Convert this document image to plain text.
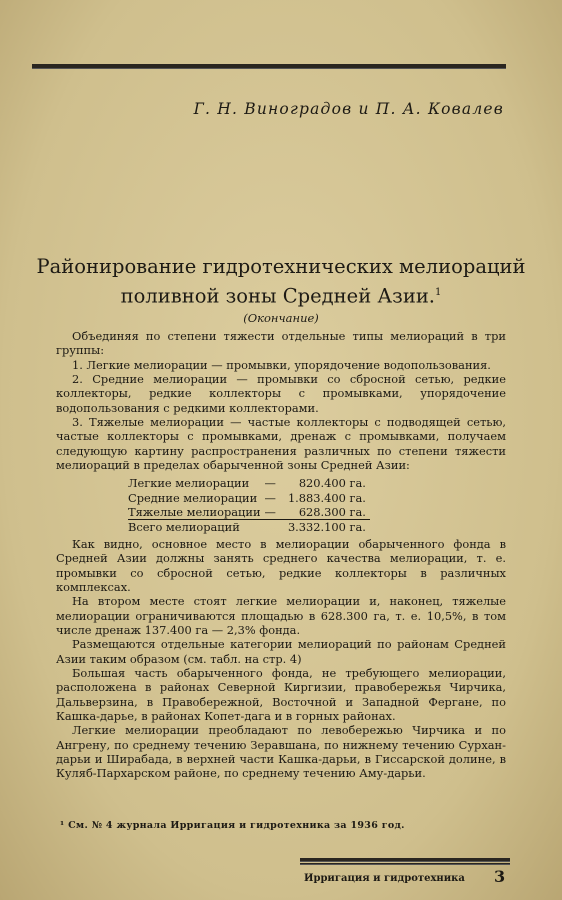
Г. Н. Виноградов и П. А. Ковалев
Районирование гидротехнических мелиораций поливной зоны Средней Азии.$^1$
(Окончание)

Объединяя по степени тяжести отдельные типы мелиораций в три группы:

1. Легкие мелиорации — промывки, упорядочение водопользования.

2. Средние мелиорации — промывки со сбросной сетью, редкие коллекторы, редкие коллекторы с промывками, упорядочение водопользования с редкими коллекторами.

3. Тяжелые мелиорации — частые коллекторы с подводящей сетью, частые коллекторы с промывками, дренаж с промывками, получаем следующую картину распространения различных по степени тяжести мелиораций в пределах обарыченной зоны Средней Азии:

Легкие мелиорации	—	820.400 га.
Средние мелиорации	—	1.883.400 га.
Тяжелые мелиорации	—	628.300 га.
Всего мелиораций		3.332.100 га.

Как видно, основное место в мелиорации обарыченного фонда в Средней Азии должны занять среднего качества мелиорации, т. е. промывки со сбросной сетью, редкие коллекторы в различных комплексах.

На втором месте стоят легкие мелиорации и, наконец, тяжелые мелиорации ограничиваются площадью в 628.300 га, т. е. 10,5%, в том числе дренаж 137.400 га — 2,3% фонда.

Размещаются отдельные категории мелиораций по районам Средней Азии таким образом (см. табл. на стр. 4)

Большая часть обарыченного фонда, не требующего мелиорации, расположена в районах Северной Киргизии, правобережья Чирчика, Дальверзина, в Правобережной, Восточной и Западной Фергане, по Кашка-дарье, в районах Копет-дага и в горных районах.

Легкие мелиорации преобладают по левобережью Чирчика и по Ангрену, по среднему течению Зеравшана, по нижнему течению Сурхан-дарьи и Ширабада, в верхней части Кашка-дарьи, в Гиссарской долине, в Куляб-Пархарском районе, по среднему течению Аму-дарьи.

¹ См. № 4 журнала Ирригация и гидротехника за 1936 год.
Ирригация и гидротехника 3
